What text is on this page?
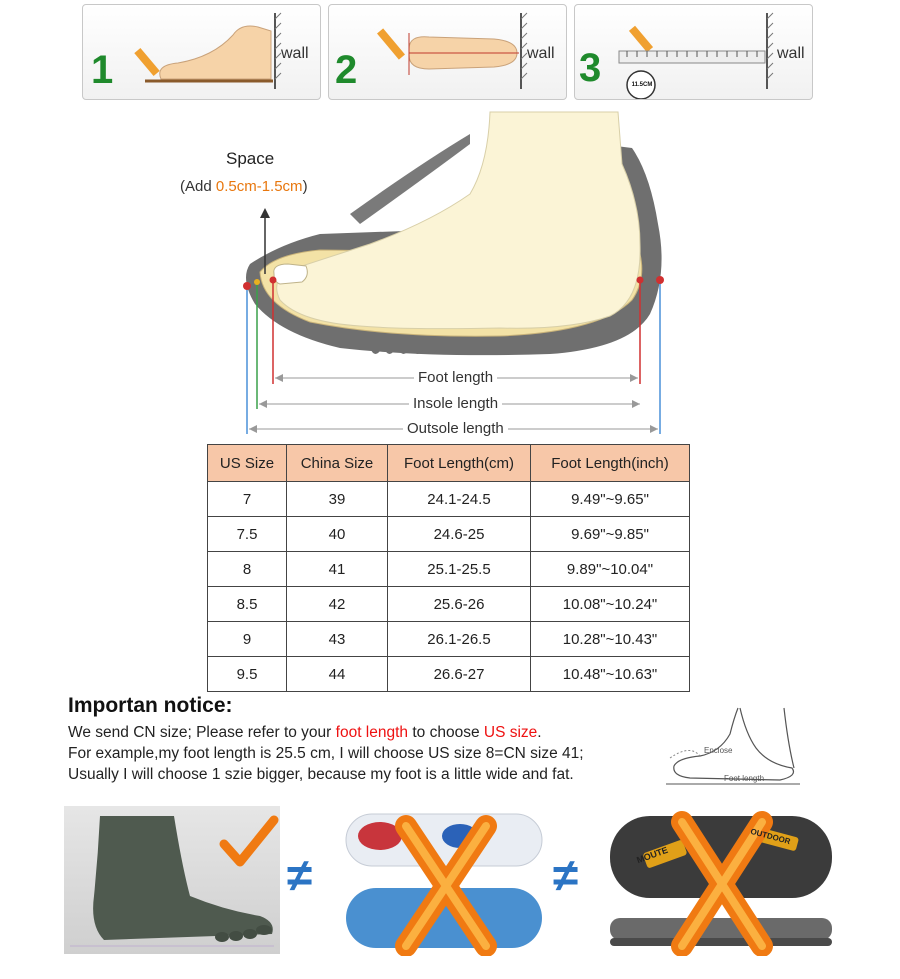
1	wall 2	wall 3	11.5CM
wall
Space
(Add 0.5cm-1.5cm)
Foot length
Insole length
Outsole length
US Size	China Size	Foot Length(cm)	Foot Length(inch)
7	39	24.1-24.5	9.49"~9.65"
7.5	40	24.6-25	9.69"~9.85"
8	41	25.1-25.5	9.89"~10.04"
8.5	42	25.6-26	10.08"~10.24"
9	43	26.1-26.5	10.28"~10.43"
9.5	44	26.6-27	10.48"~10.63"
Importan notice:
We send CN size; Please refer to your foot length to choose US size.
For example,my foot length is 25.5 cm, I will choose US size 8=CN size 41;
Usually I will choose 1 szie bigger, because my foot is a little wide and fat.
Enclose
Foot length
≠	≠	MOUTE
OUTDOOR
